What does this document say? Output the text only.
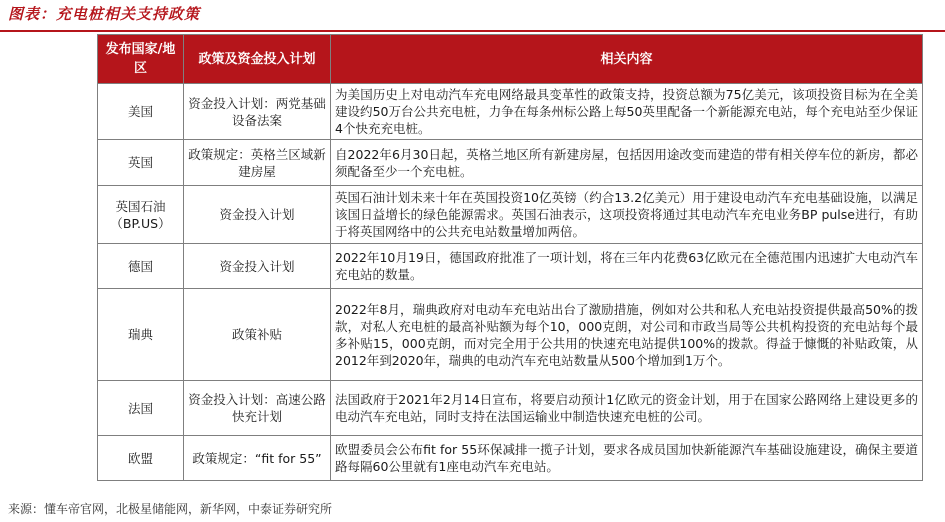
图表：充电桩相关支持政策
发布国家/地区	政策及资金投入计划	相关内容
美国	资金投入计划：两党基础设备法案	为美国历史上对电动汽车充电网络最具变革性的政策支持，投资总额为75亿美元，该项投资目标为在全美建设约50万台公共充电桩，力争在每条州标公路上每50英里配备一个新能源充电站，每个充电站至少保证4个快充充电桩。
英国	政策规定：英格兰区域新建房屋	自2022年6月30日起，英格兰地区所有新建房屋，包括因用途改变而建造的带有相关停车位的新房，都必须配备至少一个充电桩。
英国石油（BP.US）	资金投入计划	英国石油计划未来十年在英国投资10亿英镑（约合13.2亿美元）用于建设电动汽车充电基础设施，以满足该国日益增长的绿色能源需求。英国石油表示，这项投资将通过其电动汽车充电业务BP pulse进行，有助于将英国网络中的公共充电站数量增加两倍。
德国	资金投入计划	2022年10月19日，德国政府批准了一项计划，将在三年内花费63亿欧元在全德范围内迅速扩大电动汽车充电站的数量。
瑞典	政策补贴	2022年8月，瑞典政府对电动车充电站出台了激励措施，例如对公共和私人充电站投资提供最高50%的拨款，对私人充电桩的最高补贴额为每个10，000克朗，对公司和市政当局等公共机构投资的充电站每个最多补贴15，000克朗，而对完全用于公共用的快速充电站提供100%的拨款。得益于慷慨的补贴政策，从2012年到2020年，瑞典的电动汽车充电站数量从500个增加到1万个。
法国	资金投入计划：高速公路快充计划	法国政府于2021年2月14日宣布，将要启动预计1亿欧元的资金计划，用于在国家公路网络上建设更多的电动汽车充电站，同时支持在法国运输业中制造快速充电桩的公司。
欧盟	政策规定：“fit for 55”	欧盟委员会公布fit for 55环保减排一揽子计划，要求各成员国加快新能源汽车基础设施建设，确保主要道路每隔60公里就有1座电动汽车充电站。
来源：懂车帝官网，北极星储能网，新华网，中泰证券研究所
